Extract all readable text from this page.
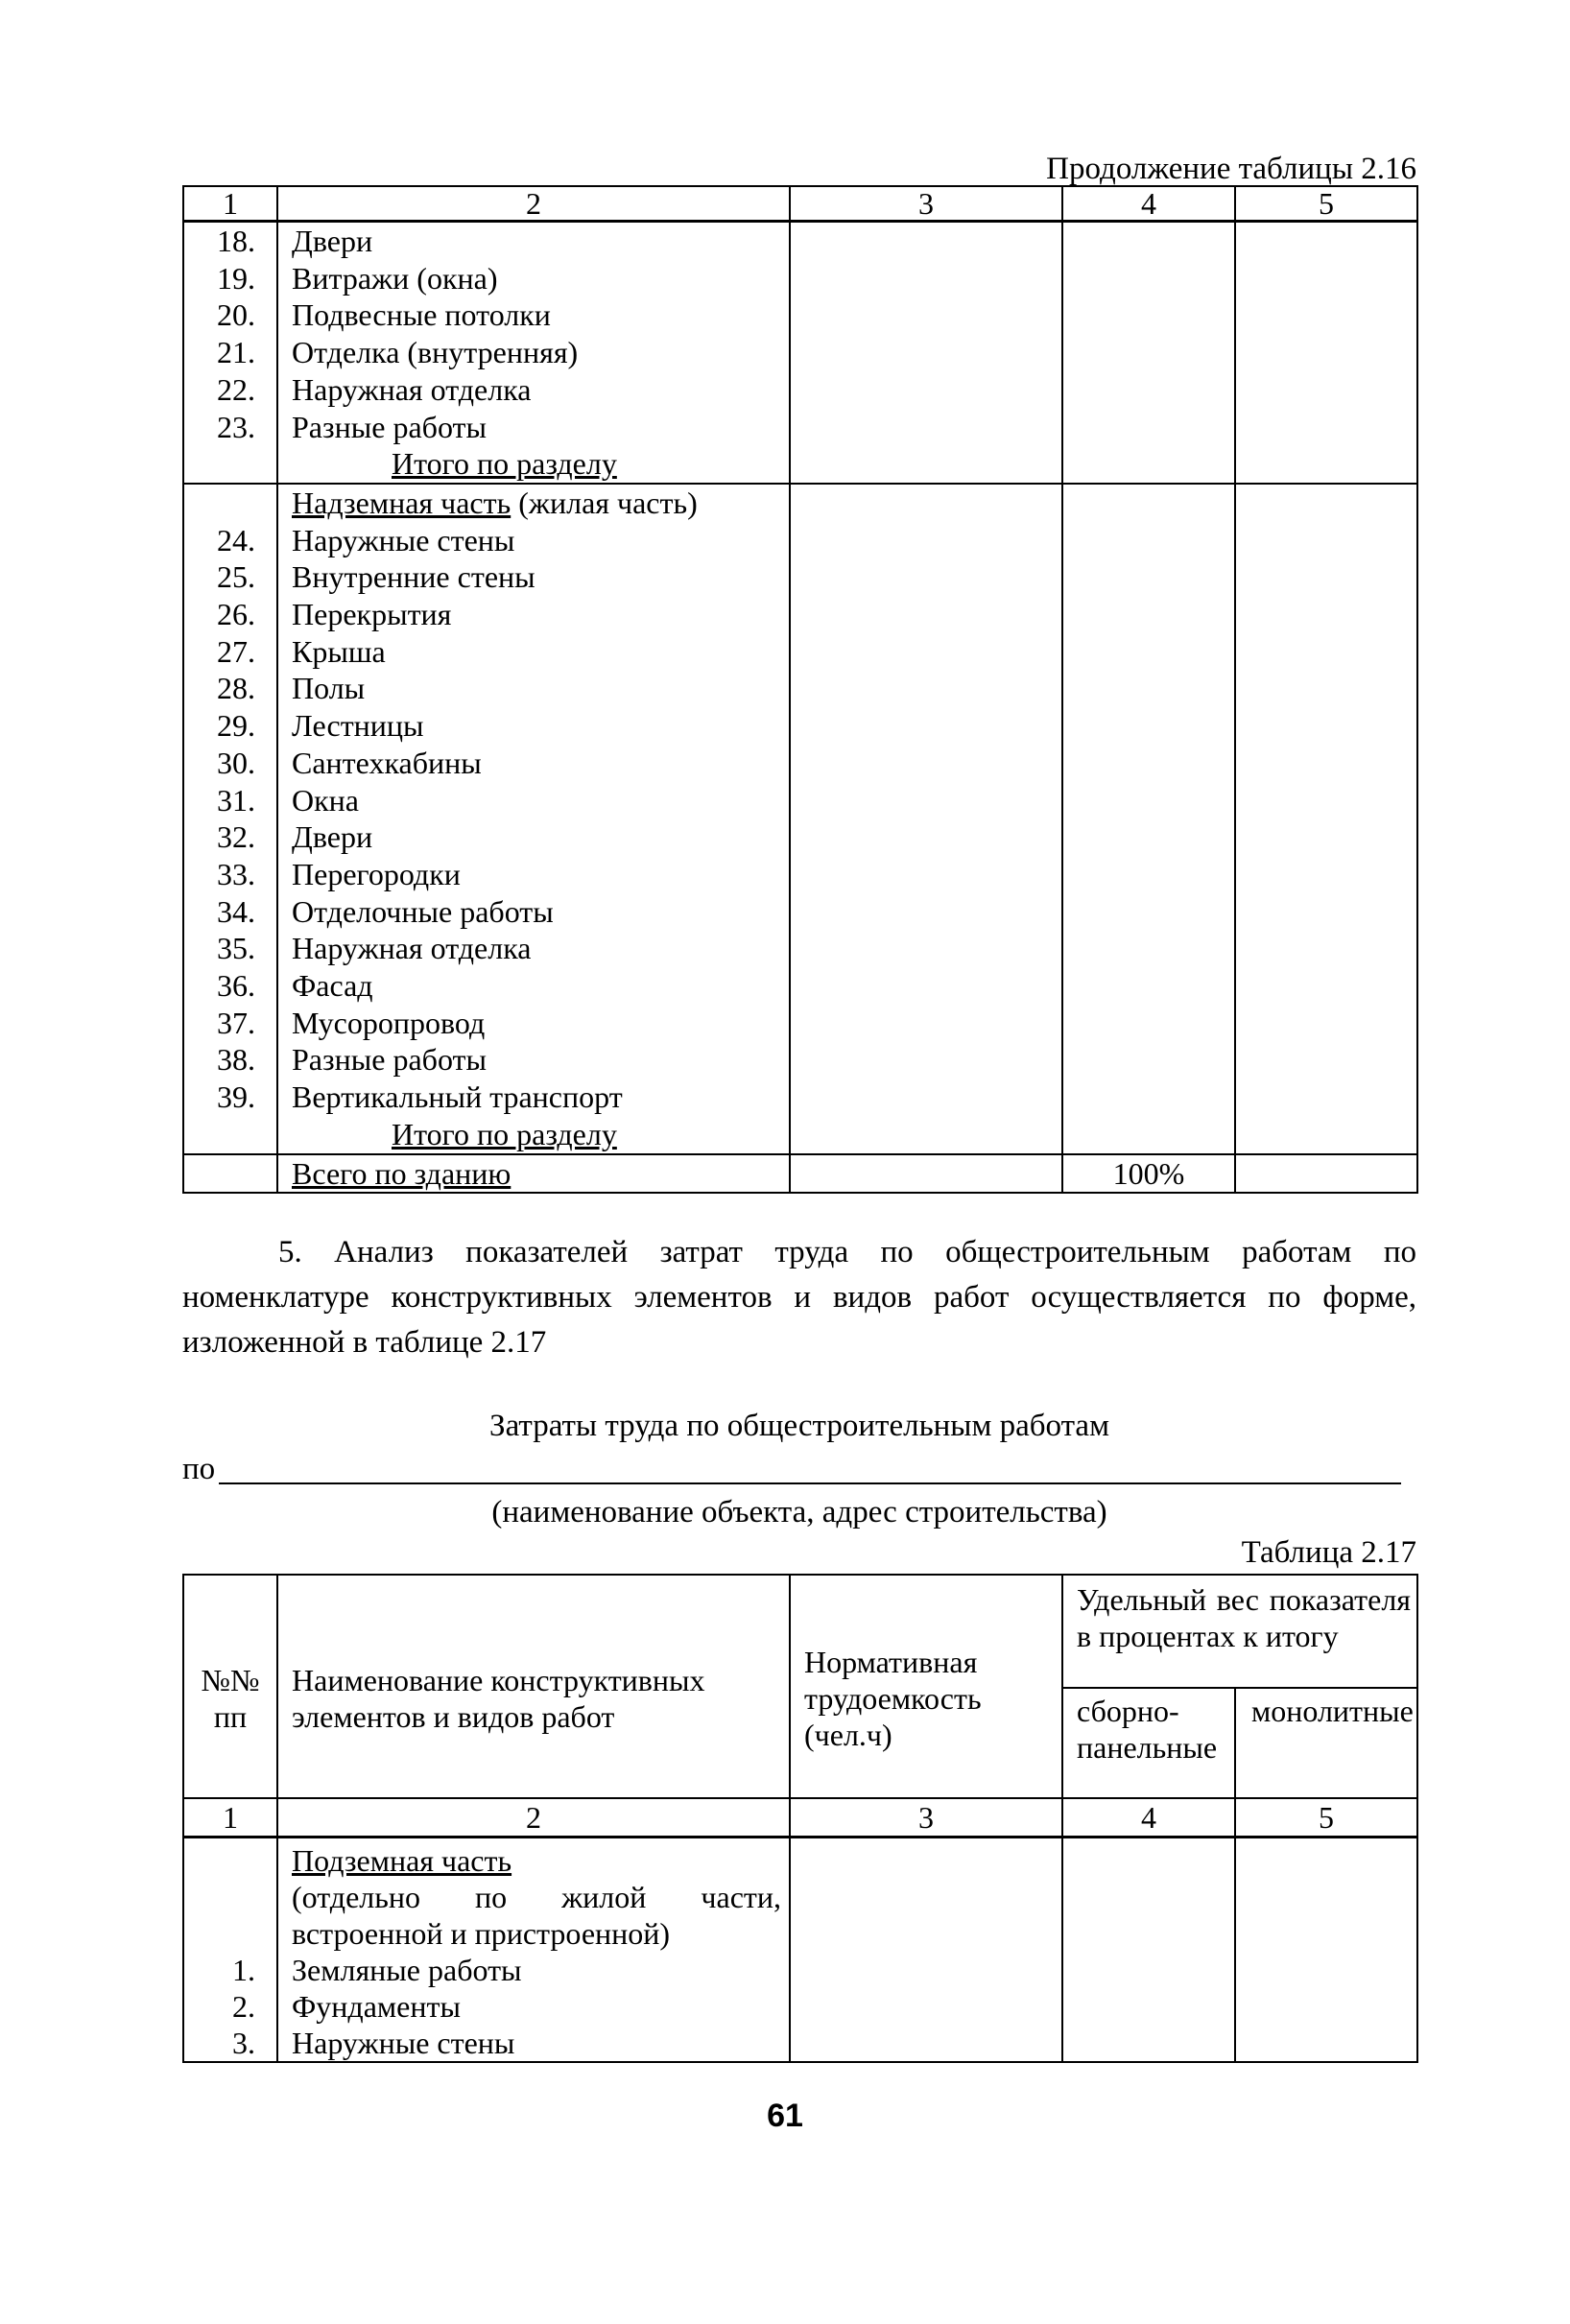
Продолжение таблицы 2.16
1	2	3	4	5
18.	Двери			
19.	Витражи (окна)			
20.	Подвесные потолки			
21.	Отделка (внутренняя)			
22.	Наружная отделка			
23.	Разные работы			
	Итого по разделу			
	Надземная часть (жилая часть)			
24.	Наружные стены			
25.	Внутренние стены			
26.	Перекрытия			
27.	Крыша			
28.	Полы			
29.	Лестницы			
30.	Сантехкабины			
31.	Окна			
32.	Двери			
33.	Перегородки			
34.	Отделочные работы			
35.	Наружная отделка			
36.	Фасад			
37.	Мусоропровод			
38.	Разные работы			
39.	Вертикальный транспорт			
	Итого по разделу			
	Всего по зданию		100%	

5. Анализ показателей затрат труда по общестроительным работам по номенклатуре конструктивных элементов и видов работ осуществляется по форме, изложенной в таблице 2.17

Затраты труда по общестроительным работам
по
(наименование объекта, адрес строительства)
Таблица 2.17
№№ пп	Наименование конструктивных элементов и видов работ	Нормативная трудоемкость (чел.ч)	Удельный вес показателя в процентах к итогу	
			сборно-панельные	монолитные
1	2	3	4	5
	Подземная часть
(отдельно по жилой части, встроенной и пристроенной)			
1.	Земляные работы			
2.	Фундаменты			
3.	Наружные стены			
61
